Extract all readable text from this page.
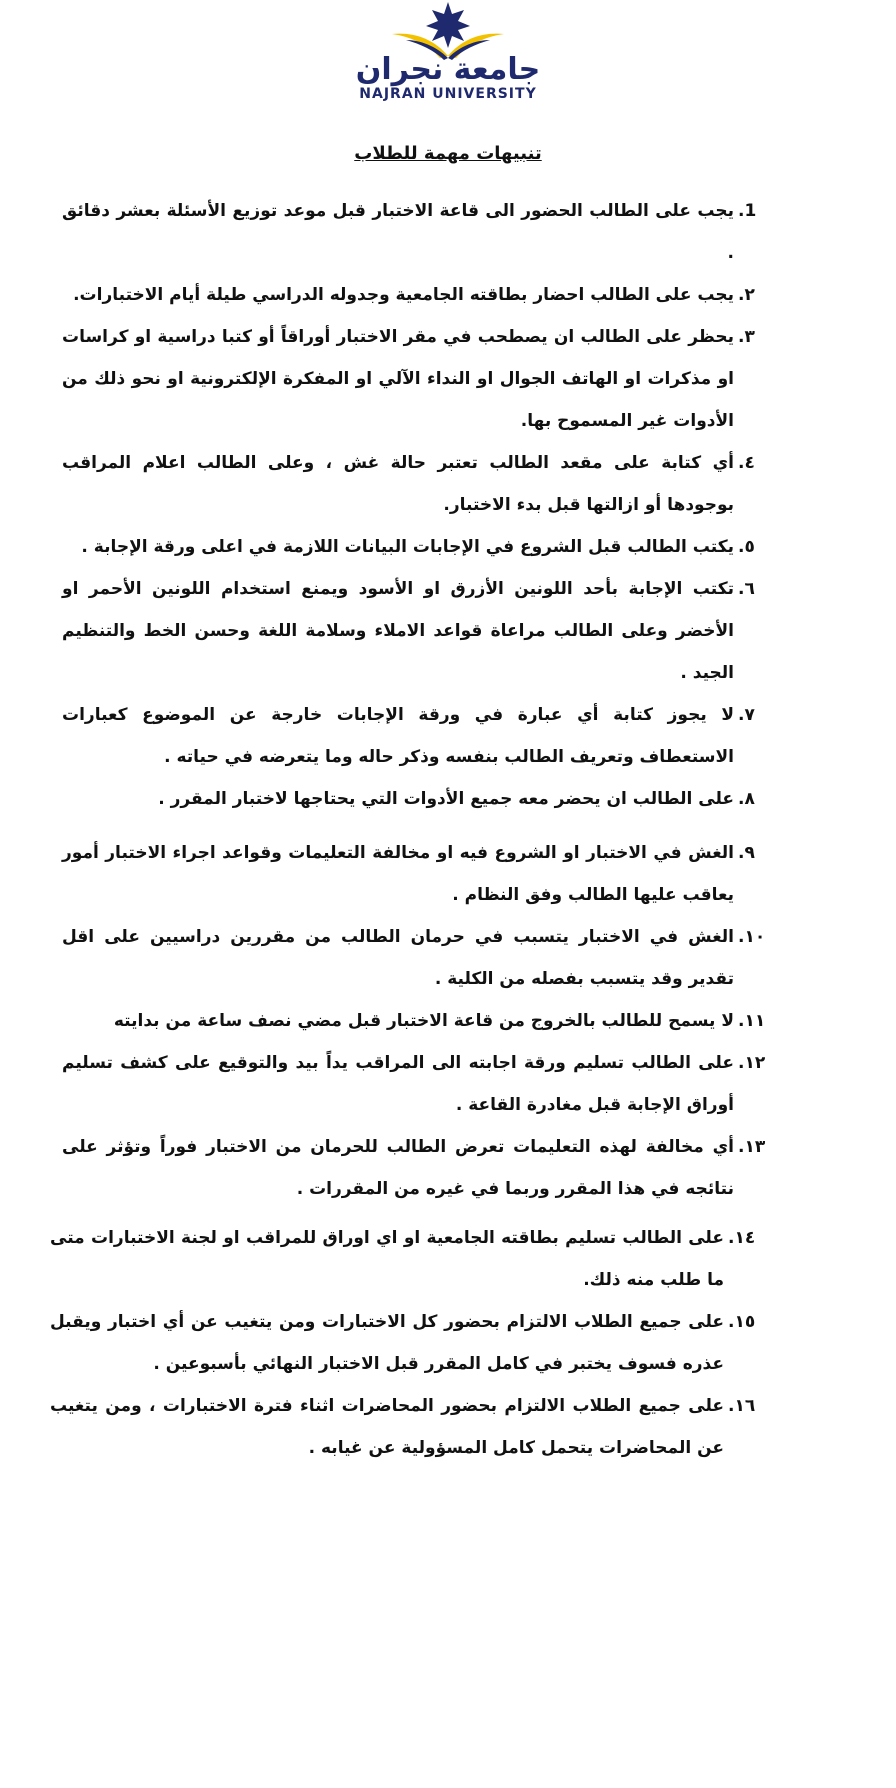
جامعة نجران
NAJRAN UNIVERSITY
تنبيهات مهمة للطلاب
1.
يجب على الطالب الحضور الى قاعة الاختبار قبل موعد توزيع الأسئلة بعشر دقائق .
٢.
يجب على الطالب احضار بطاقته الجامعية وجدوله الدراسي طيلة أيام الاختبارات.
٣.
يحظر على الطالب ان يصطحب في مقر الاختبار أوراقاً أو كتبا دراسية او كراسات او مذكرات او الهاتف الجوال او النداء الآلي او المفكرة الإلكترونية او نحو ذلك من الأدوات غير المسموح بها.
٤.
أي كتابة على مقعد الطالب تعتبر حالة غش ، وعلى الطالب اعلام المراقب بوجودها أو ازالتها قبل بدء الاختبار.
٥.
يكتب الطالب قبل الشروع في الإجابات البيانات اللازمة في اعلى ورقة الإجابة .
٦.
تكتب الإجابة بأحد اللونين الأزرق او الأسود ويمنع استخدام اللونين الأحمر او الأخضر وعلى الطالب مراعاة قواعد الاملاء وسلامة اللغة وحسن الخط والتنظيم الجيد .
٧.
لا يجوز كتابة أي عبارة في ورقة الإجابات خارجة عن الموضوع كعبارات الاستعطاف وتعريف الطالب بنفسه وذكر حاله وما يتعرضه في حياته .
٨.
على الطالب ان يحضر معه جميع الأدوات التي يحتاجها لاختبار المقرر .
٩.
الغش في الاختبار او الشروع فيه او مخالفة التعليمات وقواعد اجراء الاختبار أمور يعاقب عليها الطالب وفق النظام .
١٠.
الغش في الاختبار يتسبب في حرمان الطالب من مقررين دراسيين على اقل تقدير وقد يتسبب بفصله من الكلية .
١١.
لا يسمح للطالب بالخروج من قاعة الاختبار قبل مضي نصف ساعة من بدايته
١٢.
على الطالب تسليم ورقة اجابته الى المراقب يداً بيد والتوقيع على كشف تسليم أوراق الإجابة قبل مغادرة القاعة .
١٣.
أي مخالفة لهذه التعليمات تعرض الطالب للحرمان من الاختبار فوراً وتؤثر على نتائجه في هذا المقرر وربما في غيره من المقررات .
١٤.
على الطالب تسليم بطاقته الجامعية او اي اوراق للمراقب او لجنة الاختبارات متى ما طلب منه ذلك.
١٥.
على جميع الطلاب الالتزام بحضور كل الاختبارات ومن يتغيب عن أي اختبار ويقبل عذره فسوف يختبر في كامل المقرر قبل الاختبار النهائي بأسبوعين .
١٦.
على جميع الطلاب الالتزام بحضور المحاضرات اثناء فترة الاختبارات ، ومن يتغيب عن المحاضرات يتحمل كامل المسؤولية عن غيابه .
